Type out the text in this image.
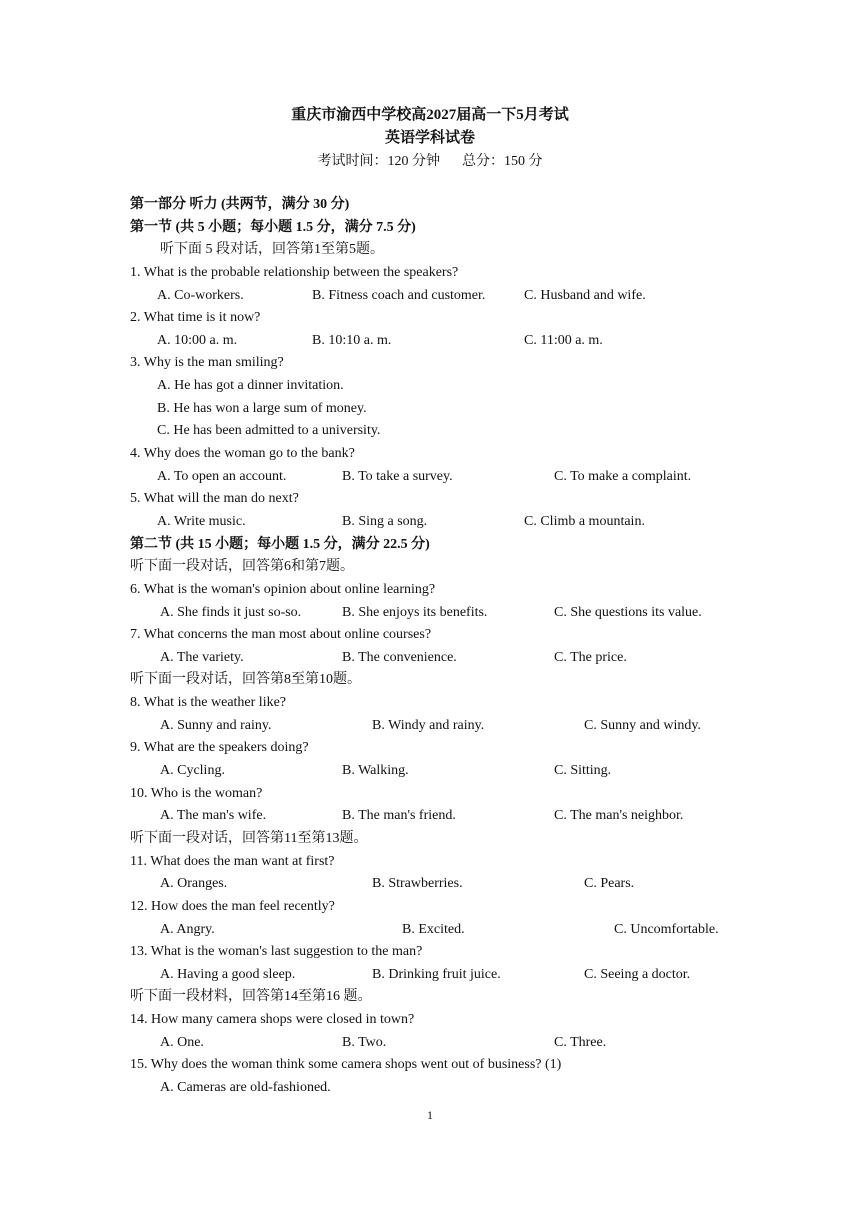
重庆市渝西中学校高2027届高一下5月考试
英语学科试卷
考试时间：120 分钟 总分：150 分
第一部分 听力 (共两节，满分 30 分)
第一节 (共 5 小题；每小题 1.5 分，满分 7.5 分)
听下面 5 段对话，回答第1至第5题。
1. What is the probable relationship between the speakers?
A. Co-workers.	B. Fitness coach and customer.	C. Husband and wife.
2. What time is it now?
A. 10:00 a. m.	B. 10:10 a. m.	C. 11:00 a. m.
3. Why is the man smiling?
A. He has got a dinner invitation.
B. He has won a large sum of money.
C. He has been admitted to a university.
4. Why does the woman go to the bank?
A. To open an account.	B. To take a survey.	C. To make a complaint.
5. What will the man do next?
A. Write music.	B. Sing a song.	C. Climb a mountain.
第二节 (共 15 小题；每小题 1.5 分，满分 22.5 分)
听下面一段对话，回答第6和第7题。
6. What is the woman's opinion about online learning?
A. She finds it just so-so.	B. She enjoys its benefits.	C. She questions its value.
7. What concerns the man most about online courses?
A. The variety.	B. The convenience.	C. The price.
听下面一段对话，回答第8至第10题。
8. What is the weather like?
A. Sunny and rainy.	B. Windy and rainy.	C. Sunny and windy.
9. What are the speakers doing?
A. Cycling.	B. Walking.	C. Sitting.
10. Who is the woman?
A. The man's wife.	B. The man's friend.	C. The man's neighbor.
听下面一段对话，回答第11至第13题。
11. What does the man want at first?
A. Oranges.	B. Strawberries.	C. Pears.
12. How does the man feel recently?
A. Angry.	B. Excited.	C. Uncomfortable.
13. What is the woman's last suggestion to the man?
A. Having a good sleep.	B. Drinking fruit juice.	C. Seeing a doctor.
听下面一段材料，回答第14至第16 题。
14. How many camera shops were closed in town?
A. One.	B. Two.	C. Three.
15. Why does the woman think some camera shops went out of business? (1)
A. Cameras are old-fashioned.
1
